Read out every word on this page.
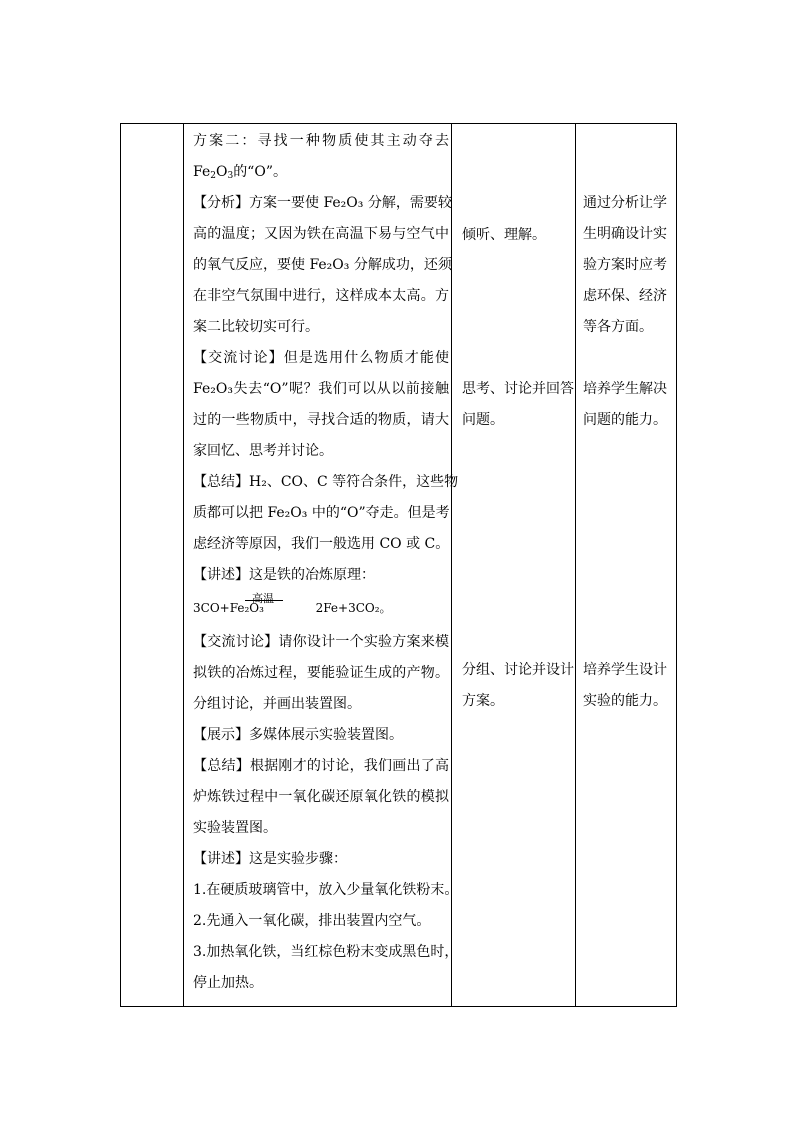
方案二：寻找一种物质使其主动夺去
$Fe_2O_3$的“O”。
【分析】方案一要使 Fe₂O₃ 分解，需要较
高的温度；又因为铁在高温下易与空气中
的氧气反应，要使 Fe₂O₃ 分解成功，还须
在非空气氛围中进行，这样成本太高。方
案二比较切实可行。
【交流讨论】但是选用什么物质才能使
Fe₂O₃失去“O”呢？我们可以从以前接触
过的一些物质中，寻找合适的物质，请大
家回忆、思考并讨论。
【总结】H₂、CO、C 等符合条件，这些物
质都可以把 Fe₂O₃ 中的“O”夺走。但是考
虑经济等原因，我们一般选用 CO 或 C。
【讲述】这是铁的冶炼原理：
【交流讨论】请你设计一个实验方案来模
拟铁的冶炼过程，要能验证生成的产物。
分组讨论，并画出装置图。
【展示】多媒体展示实验装置图。
【总结】根据刚才的讨论，我们画出了高
炉炼铁过程中一氧化碳还原氧化铁的模拟
实验装置图。
【讲述】这是实验步骤：
1.在硬质玻璃管中，放入少量氧化铁粉末。
2.先通入一氧化碳，排出装置内空气。
3.加热氧化铁，当红棕色粉末变成黑色时，
停止加热。
3CO+Fe₂O₃
高温
2Fe+3CO₂。
倾听、理解。
思考、讨论并回答
问题。
分组、讨论并设计
方案。
通过分析让学
生明确设计实
验方案时应考
虑环保、经济
等各方面。
培养学生解决
问题的能力。
培养学生设计
实验的能力。
